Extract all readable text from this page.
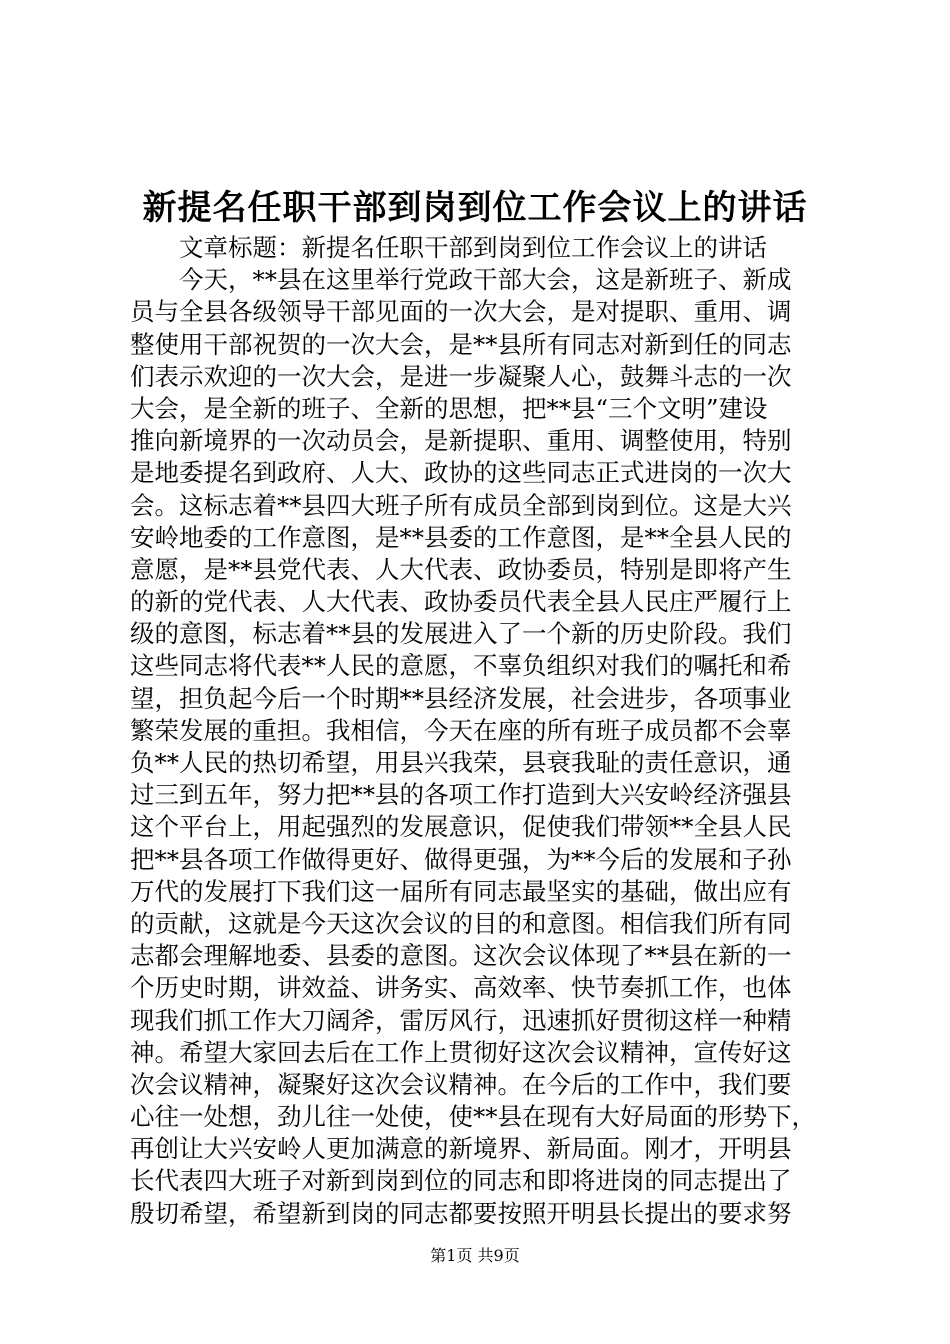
新提名任职干部到岗到位工作会议上的讲话
　　文章标题：新提名任职干部到岗到位工作会议上的讲话
　　今天，**县在这里举行党政干部大会，这是新班子、新成
员与全县各级领导干部见面的一次大会，是对提职、重用、调
整使用干部祝贺的一次大会，是**县所有同志对新到任的同志
们表示欢迎的一次大会，是进一步凝聚人心，鼓舞斗志的一次
大会，是全新的班子、全新的思想，把**县“三个文明”建设
推向新境界的一次动员会，是新提职、重用、调整使用，特别
是地委提名到政府、人大、政协的这些同志正式进岗的一次大
会。这标志着**县四大班子所有成员全部到岗到位。这是大兴
安岭地委的工作意图，是**县委的工作意图，是**全县人民的
意愿，是**县党代表、人大代表、政协委员，特别是即将产生
的新的党代表、人大代表、政协委员代表全县人民庄严履行上
级的意图，标志着**县的发展进入了一个新的历史阶段。我们
这些同志将代表**人民的意愿，不辜负组织对我们的嘱托和希
望，担负起今后一个时期**县经济发展，社会进步，各项事业
繁荣发展的重担。我相信，今天在座的所有班子成员都不会辜
负**人民的热切希望，用县兴我荣，县衰我耻的责任意识，通
过三到五年，努力把**县的各项工作打造到大兴安岭经济强县
这个平台上，用起强烈的发展意识，促使我们带领**全县人民
把**县各项工作做得更好、做得更强，为**今后的发展和子孙
万代的发展打下我们这一届所有同志最坚实的基础，做出应有
的贡献，这就是今天这次会议的目的和意图。相信我们所有同
志都会理解地委、县委的意图。这次会议体现了**县在新的一
个历史时期，讲效益、讲务实、高效率、快节奏抓工作，也体
现我们抓工作大刀阔斧，雷厉风行，迅速抓好贯彻这样一种精
神。希望大家回去后在工作上贯彻好这次会议精神，宣传好这
次会议精神，凝聚好这次会议精神。在今后的工作中，我们要
心往一处想，劲儿往一处使，使**县在现有大好局面的形势下，
再创让大兴安岭人更加满意的新境界、新局面。刚才，开明县
长代表四大班子对新到岗到位的同志和即将进岗的同志提出了
殷切希望，希望新到岗的同志都要按照开明县长提出的要求努
第1页 共9页
